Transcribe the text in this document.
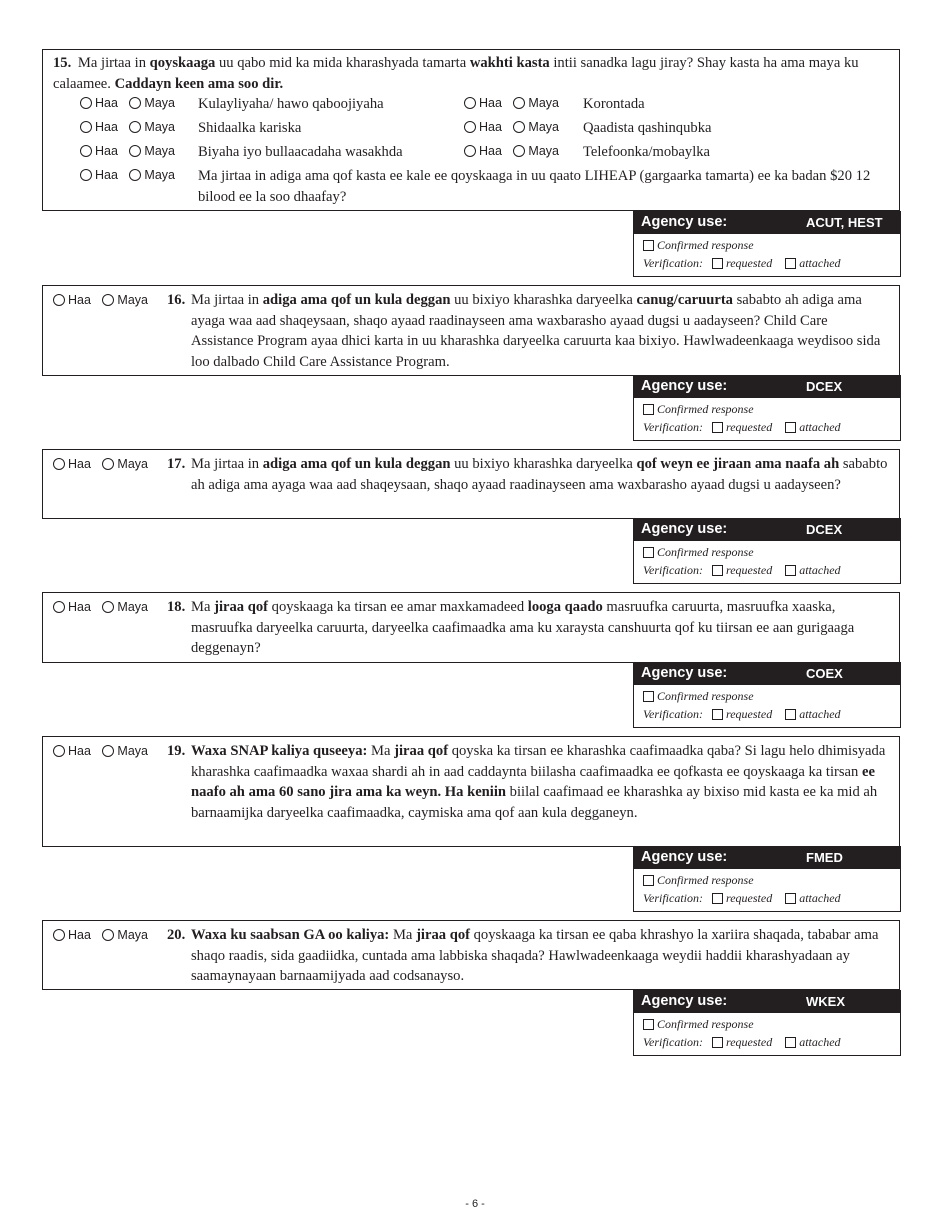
15. Ma jirtaa in qoyskaaga uu qabo mid ka mida kharashyada tamarta wakhti kasta intii sanadka lagu jiray? Shay kasta ha ama maya ku calaamee. Caddayn keen ama soo dir.
Haa Maya Kulayliyaha/ hawo qaboojiyaha	Haa Maya Korontada
Haa Maya Shidaalka kariska	Haa Maya Qaadista qashinqubka
Haa Maya Biyaha iyo bullaacadaha wasakhda	Haa Maya Telefoonka/mobaylka
Haa Maya Ma jirtaa in adiga ama qof kasta ee kale ee qoyskaaga in uu qaato LIHEAP (gargaarka tamarta) ee ka badan $20 12 bilood ee la soo dhaafay?
Agency use:	ACUT, HEST
Confirmed response
Verification: requested attached
Haa Maya 16. Ma jirtaa in adiga ama qof un kula deggan uu bixiyo kharashka daryeelka canug/caruurta sababto ah adiga ama ayaga waa aad shaqeysaan, shaqo ayaad raadinayseen ama waxbarasho ayaad dugsi u aadayseen? Child Care Assistance Program ayaa dhici karta in uu kharashka daryeelka caruurta kaa bixiyo. Hawlwadeenkaaga weydisoo sida loo dalbado Child Care Assistance Program.
Agency use:	DCEX
Confirmed response
Verification: requested attached
Haa Maya 17. Ma jirtaa in adiga ama qof un kula deggan uu bixiyo kharashka daryeelka qof weyn ee jiraan ama naafa ah sababto ah adiga ama ayaga waa aad shaqeysaan, shaqo ayaad raadinayseen ama waxbarasho ayaad dugsi u aadayseen?
Agency use:	DCEX
Confirmed response
Verification: requested attached
Haa Maya 18. Ma jiraa qof qoyskaaga ka tirsan ee amar maxkamadeed looga qaado masruufka caruurta, masruufka xaaska, masruufka daryeelka caruurta, daryeelka caafimaadka ama ku xaraysta canshuurta qof ku tiirsan ee aan gurigaaga deggenayn?
Agency use:	COEX
Confirmed response
Verification: requested attached
Haa Maya 19. Waxa SNAP kaliya quseeya: Ma jiraa qof qoyska ka tirsan ee kharashka caafimaadka qaba? Si lagu helo dhimisyada kharashka caafimaadka waxaa shardi ah in aad caddaynta biilasha caafimaadka ee qofkasta ee qoyskaaga ka tirsan ee naafo ah ama 60 sano jira ama ka weyn. Ha keniin biilal caafimaad ee kharashka ay bixiso mid kasta ee ka mid ah barnaamijka daryeelka caafimaadka, caymiska ama qof aan kula degganeyn.
Agency use:	FMED
Confirmed response
Verification: requested attached
Haa Maya 20. Waxa ku saabsan GA oo kaliya: Ma jiraa qof qoyskaaga ka tirsan ee qaba khrashyo la xariira shaqada, tababar ama shaqo raadis, sida gaadiidka, cuntada ama labbiska shaqada? Hawlwadeenkaaga weydii haddii kharashyadaan ay saamaynayaan barnaamijyada aad codsanayso.
Agency use:	WKEX
Confirmed response
Verification: requested attached
- 6 -
